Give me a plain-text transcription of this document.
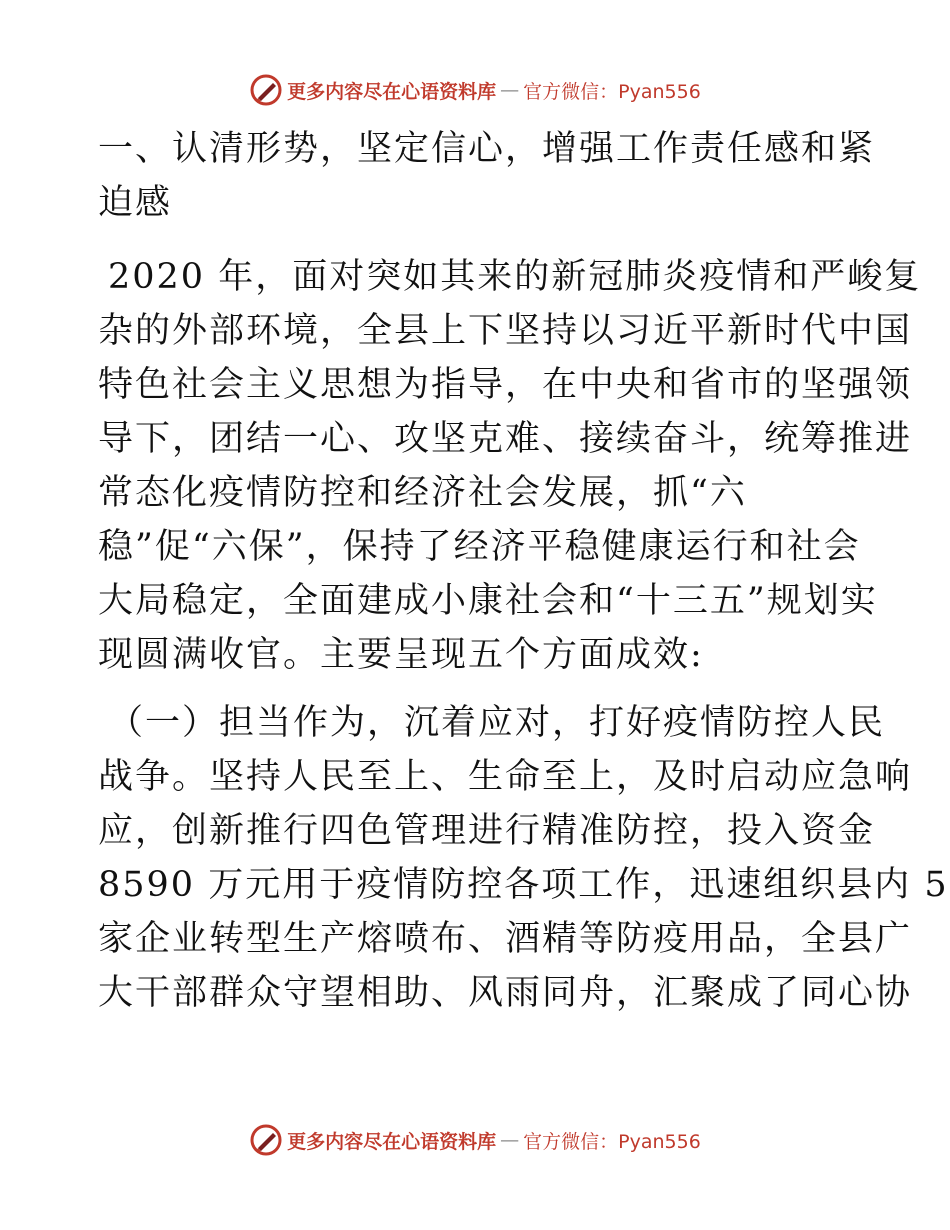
更多内容尽在心语资料库 — 官方微信：Pyan556
一、认清形势，坚定信心，增强工作责任感和紧
迫感
2020 年，面对突如其来的新冠肺炎疫情和严峻复
杂的外部环境，全县上下坚持以习近平新时代中国
特色社会主义思想为指导，在中央和省市的坚强领
导下，团结一心、攻坚克难、接续奋斗，统筹推进
常态化疫情防控和经济社会发展，抓“六
稳”促“六保”，保持了经济平稳健康运行和社会
大局稳定，全面建成小康社会和“十三五”规划实
现圆满收官。主要呈现五个方面成效:
（一）担当作为，沉着应对，打好疫情防控人民
战争。坚持人民至上、生命至上，及时启动应急响
应，创新推行四色管理进行精准防控，投入资金
8590 万元用于疫情防控各项工作，迅速组织县内 5
家企业转型生产熔喷布、酒精等防疫用品，全县广
大干部群众守望相助、风雨同舟，汇聚成了同心协
更多内容尽在心语资料库 — 官方微信：Pyan556
